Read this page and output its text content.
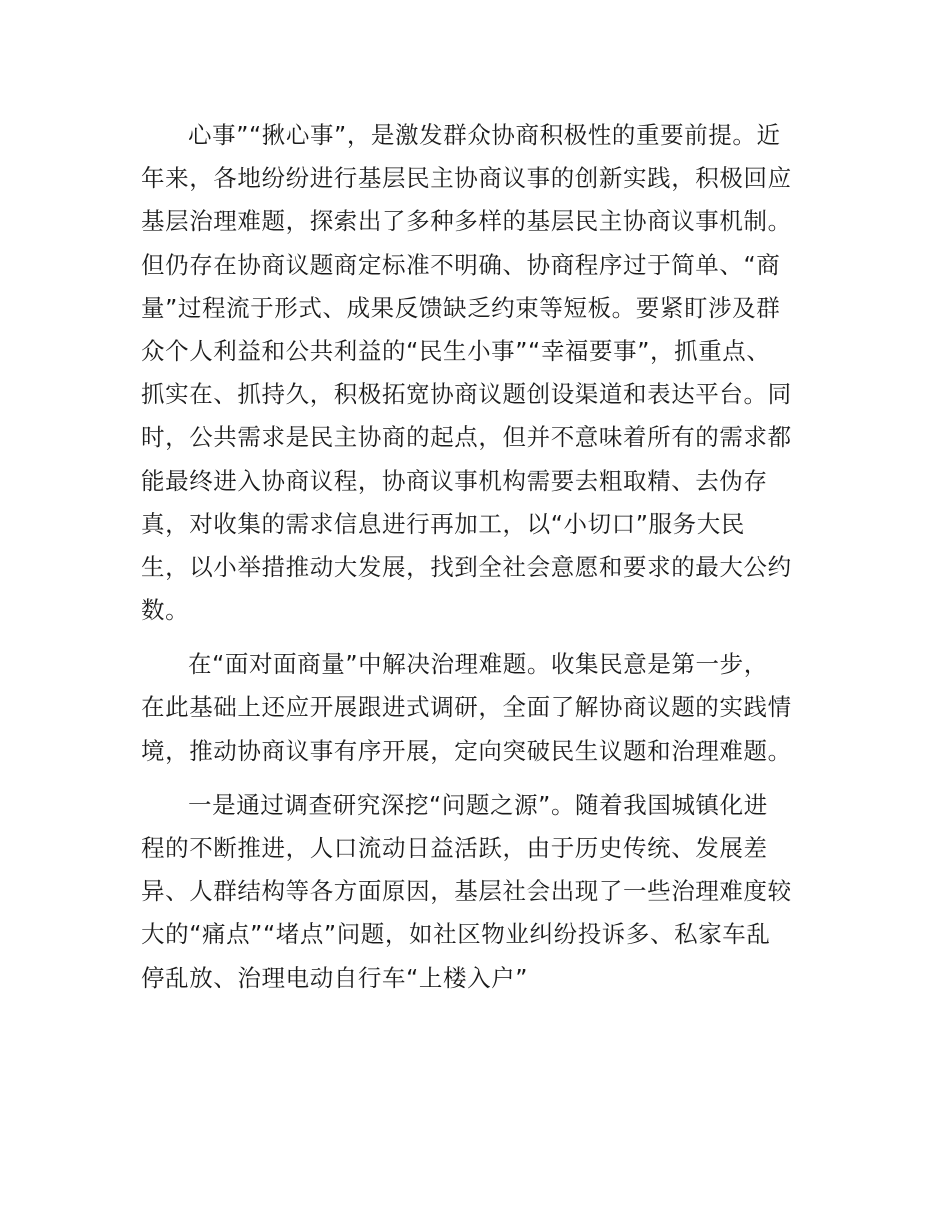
心事”“揪心事”，是激发群众协商积极性的重要前提。近
年来，各地纷纷进行基层民主协商议事的创新实践，积极回应
基层治理难题，探索出了多种多样的基层民主协商议事机制。
但仍存在协商议题商定标准不明确、协商程序过于简单、“商
量”过程流于形式、成果反馈缺乏约束等短板。要紧盯涉及群
众个人利益和公共利益的“民生小事”“幸福要事”，抓重点、
抓实在、抓持久，积极拓宽协商议题创设渠道和表达平台。同
时，公共需求是民主协商的起点，但并不意味着所有的需求都
能最终进入协商议程，协商议事机构需要去粗取精、去伪存
真，对收集的需求信息进行再加工，以“小切口”服务大民
生，以小举措推动大发展，找到全社会意愿和要求的最大公约
数。
在“面对面商量”中解决治理难题。收集民意是第一步，
在此基础上还应开展跟进式调研，全面了解协商议题的实践情
境，推动协商议事有序开展，定向突破民生议题和治理难题。
一是通过调查研究深挖“问题之源”。随着我国城镇化进
程的不断推进，人口流动日益活跃，由于历史传统、发展差
异、人群结构等各方面原因，基层社会出现了一些治理难度较
大的“痛点”“堵点”问题，如社区物业纠纷投诉多、私家车乱
停乱放、治理电动自行车“上楼入户”
